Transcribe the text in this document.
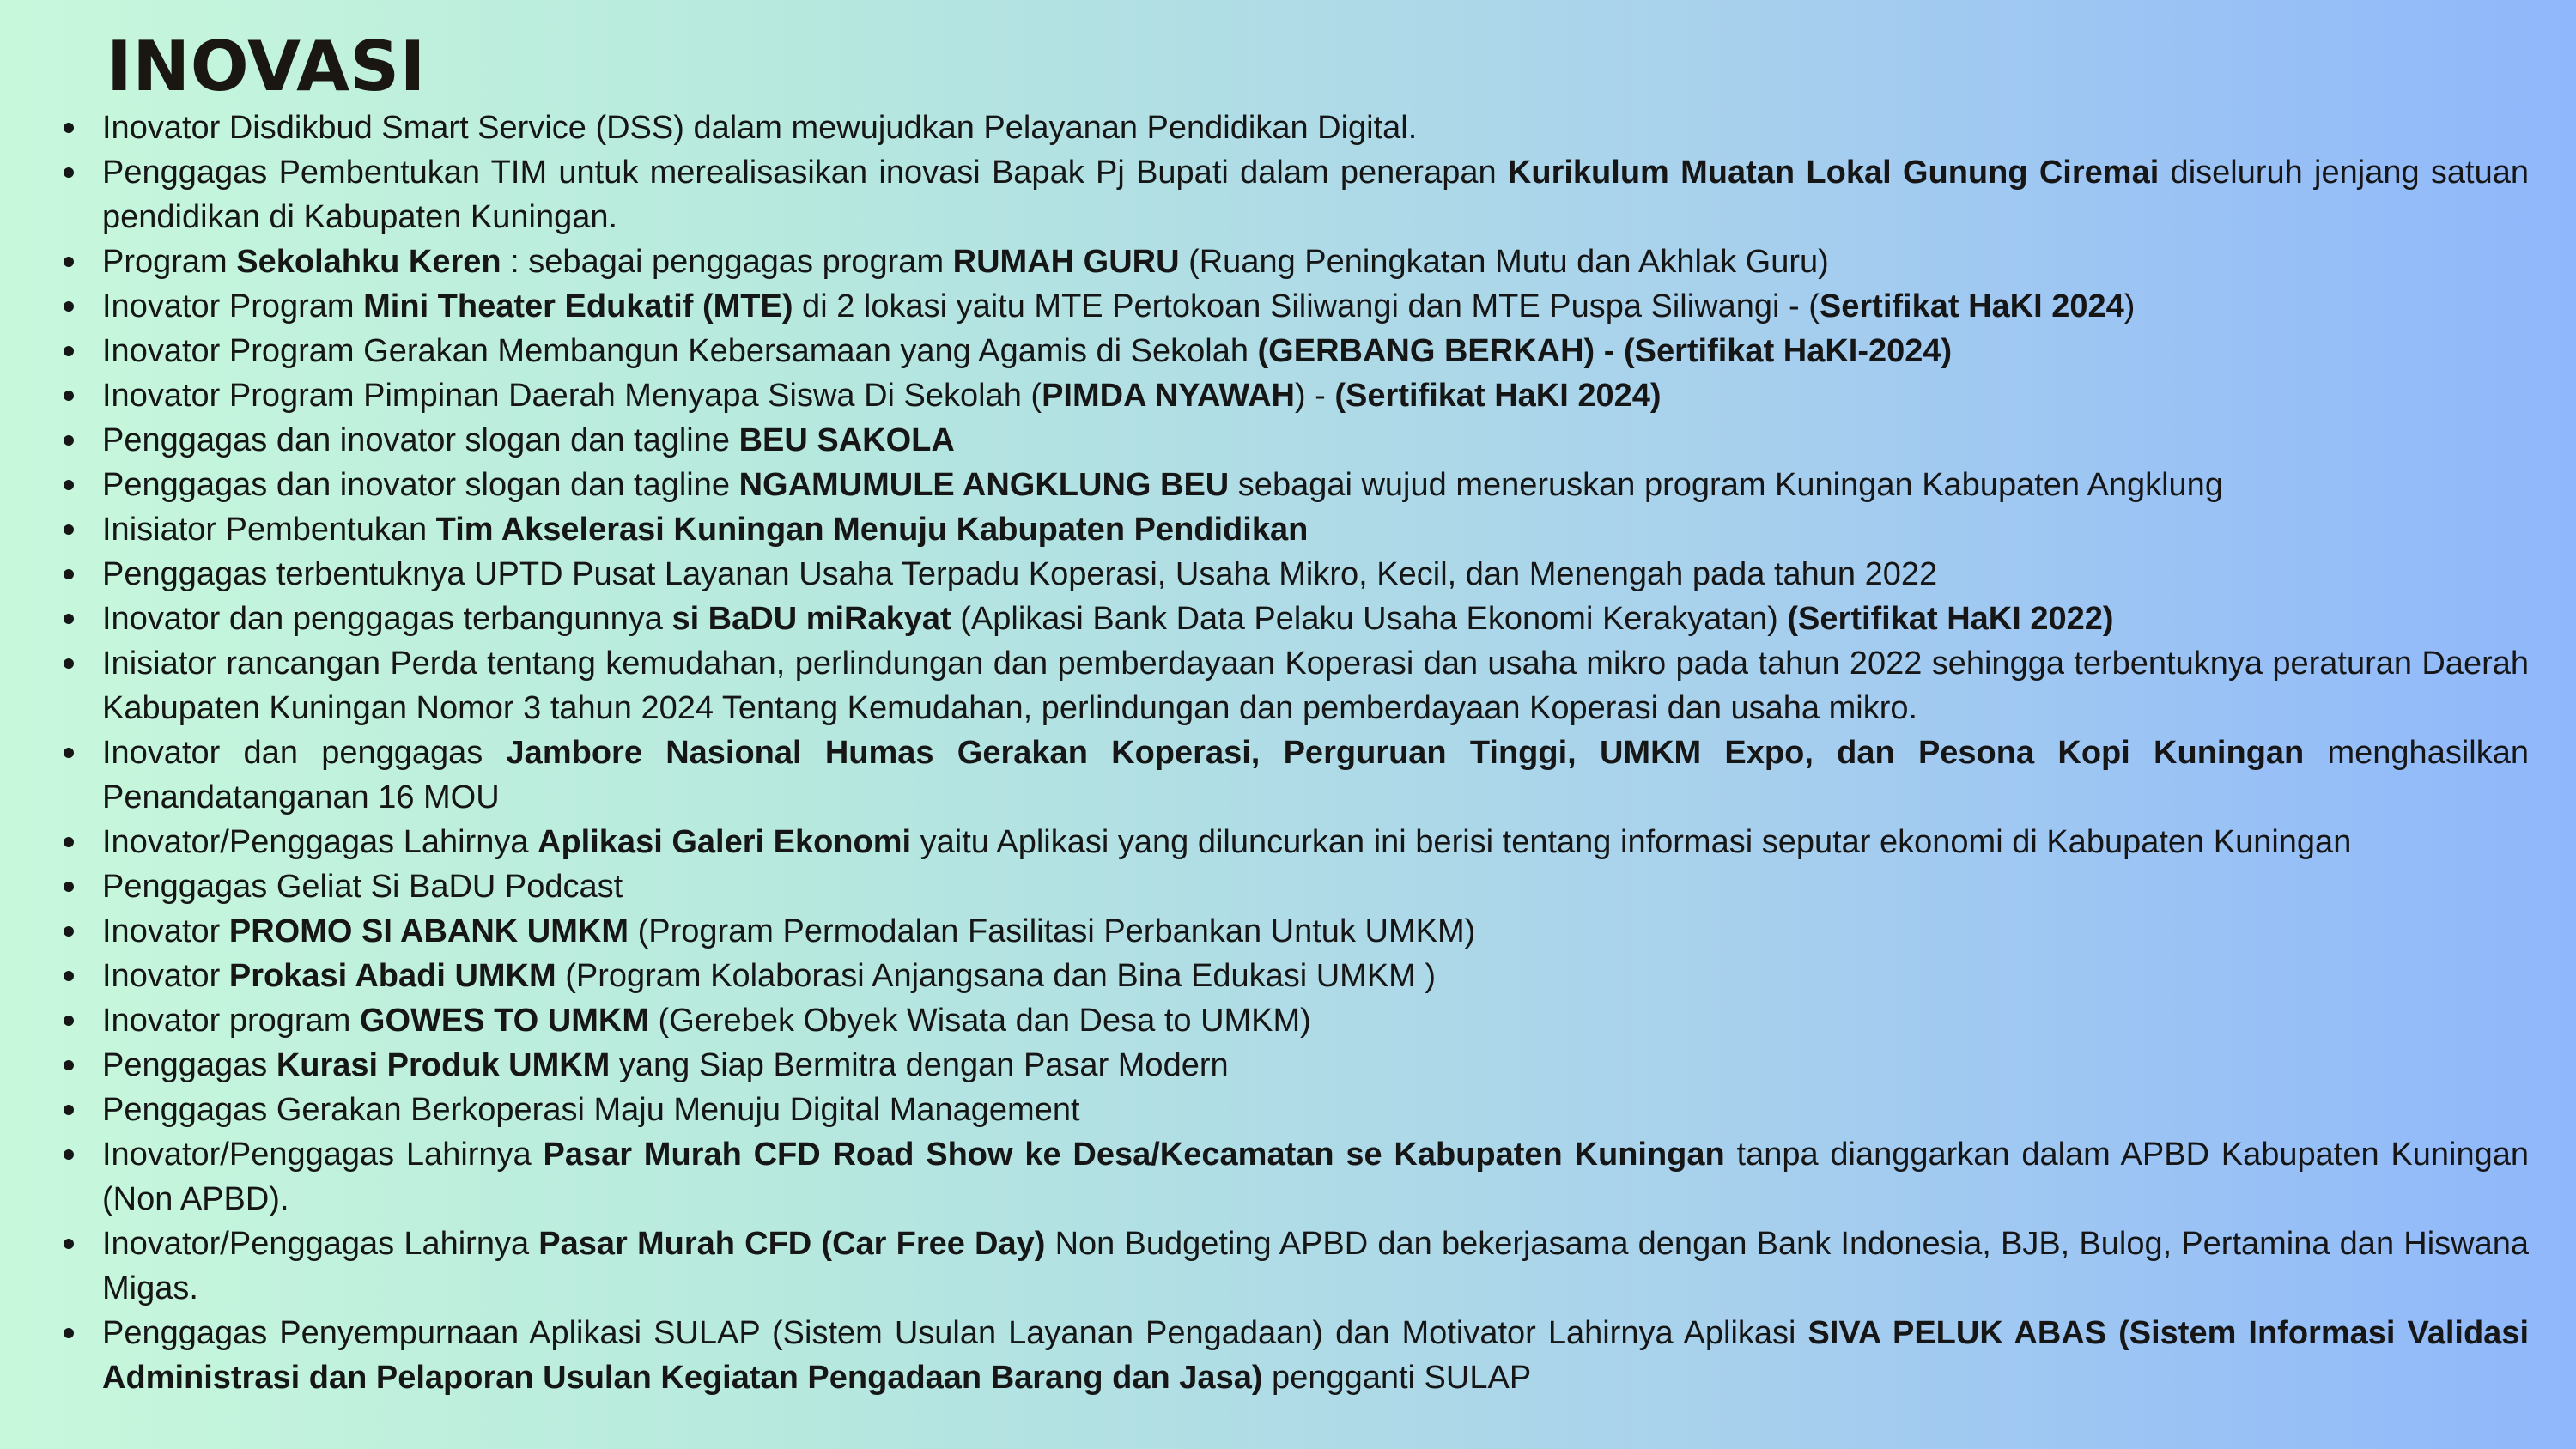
INOVASI
Inovator Disdikbud Smart Service (DSS) dalam mewujudkan Pelayanan Pendidikan Digital.
Penggagas Pembentukan TIM untuk merealisasikan inovasi Bapak Pj Bupati dalam penerapan Kurikulum Muatan Lokal Gunung Ciremai diseluruh jenjang satuan pendidikan di Kabupaten Kuningan.
Program Sekolahku Keren : sebagai penggagas program RUMAH GURU (Ruang Peningkatan Mutu dan Akhlak Guru)
Inovator Program Mini Theater Edukatif (MTE) di 2 lokasi yaitu MTE Pertokoan Siliwangi dan MTE Puspa Siliwangi - (Sertifikat HaKI 2024)
Inovator Program Gerakan Membangun Kebersamaan yang Agamis di Sekolah (GERBANG BERKAH) - (Sertifikat HaKI-2024)
Inovator Program Pimpinan Daerah Menyapa Siswa Di Sekolah (PIMDA NYAWAH) - (Sertifikat HaKI 2024)
Penggagas dan inovator slogan dan tagline BEU SAKOLA
Penggagas dan inovator slogan dan tagline NGAMUMULE ANGKLUNG BEU sebagai wujud meneruskan program Kuningan Kabupaten Angklung
Inisiator Pembentukan Tim Akselerasi Kuningan Menuju Kabupaten Pendidikan
Penggagas terbentuknya UPTD Pusat Layanan Usaha Terpadu Koperasi, Usaha Mikro, Kecil, dan Menengah pada tahun 2022
Inovator dan penggagas terbangunnya si BaDU miRakyat (Aplikasi Bank Data Pelaku Usaha Ekonomi Kerakyatan) (Sertifikat HaKI 2022)
Inisiator rancangan Perda tentang kemudahan, perlindungan dan pemberdayaan Koperasi dan usaha mikro pada tahun 2022 sehingga terbentuknya peraturan Daerah Kabupaten Kuningan Nomor 3 tahun 2024 Tentang Kemudahan, perlindungan dan pemberdayaan Koperasi dan usaha mikro.
Inovator dan penggagas Jambore Nasional Humas Gerakan Koperasi, Perguruan Tinggi, UMKM Expo, dan Pesona Kopi Kuningan menghasilkan Penandatanganan 16 MOU
Inovator/Penggagas Lahirnya Aplikasi Galeri Ekonomi yaitu Aplikasi yang diluncurkan ini berisi tentang informasi seputar ekonomi di Kabupaten Kuningan
Penggagas Geliat Si BaDU Podcast
Inovator PROMO SI ABANK UMKM (Program Permodalan Fasilitasi Perbankan Untuk UMKM)
Inovator Prokasi Abadi UMKM (Program Kolaborasi Anjangsana dan Bina Edukasi UMKM )
Inovator program GOWES TO UMKM (Gerebek Obyek Wisata dan Desa to UMKM)
Penggagas Kurasi Produk UMKM yang Siap Bermitra dengan Pasar Modern
Penggagas Gerakan Berkoperasi Maju Menuju Digital Management
Inovator/Penggagas Lahirnya Pasar Murah CFD Road Show ke Desa/Kecamatan se Kabupaten Kuningan tanpa dianggarkan dalam APBD Kabupaten Kuningan (Non APBD).
Inovator/Penggagas Lahirnya Pasar Murah CFD (Car Free Day) Non Budgeting APBD dan bekerjasama dengan Bank Indonesia, BJB, Bulog, Pertamina dan Hiswana Migas.
Penggagas Penyempurnaan Aplikasi SULAP (Sistem Usulan Layanan Pengadaan) dan Motivator Lahirnya Aplikasi SIVA PELUK ABAS (Sistem Informasi Validasi Administrasi dan Pelaporan Usulan Kegiatan Pengadaan Barang dan Jasa) pengganti SULAP
